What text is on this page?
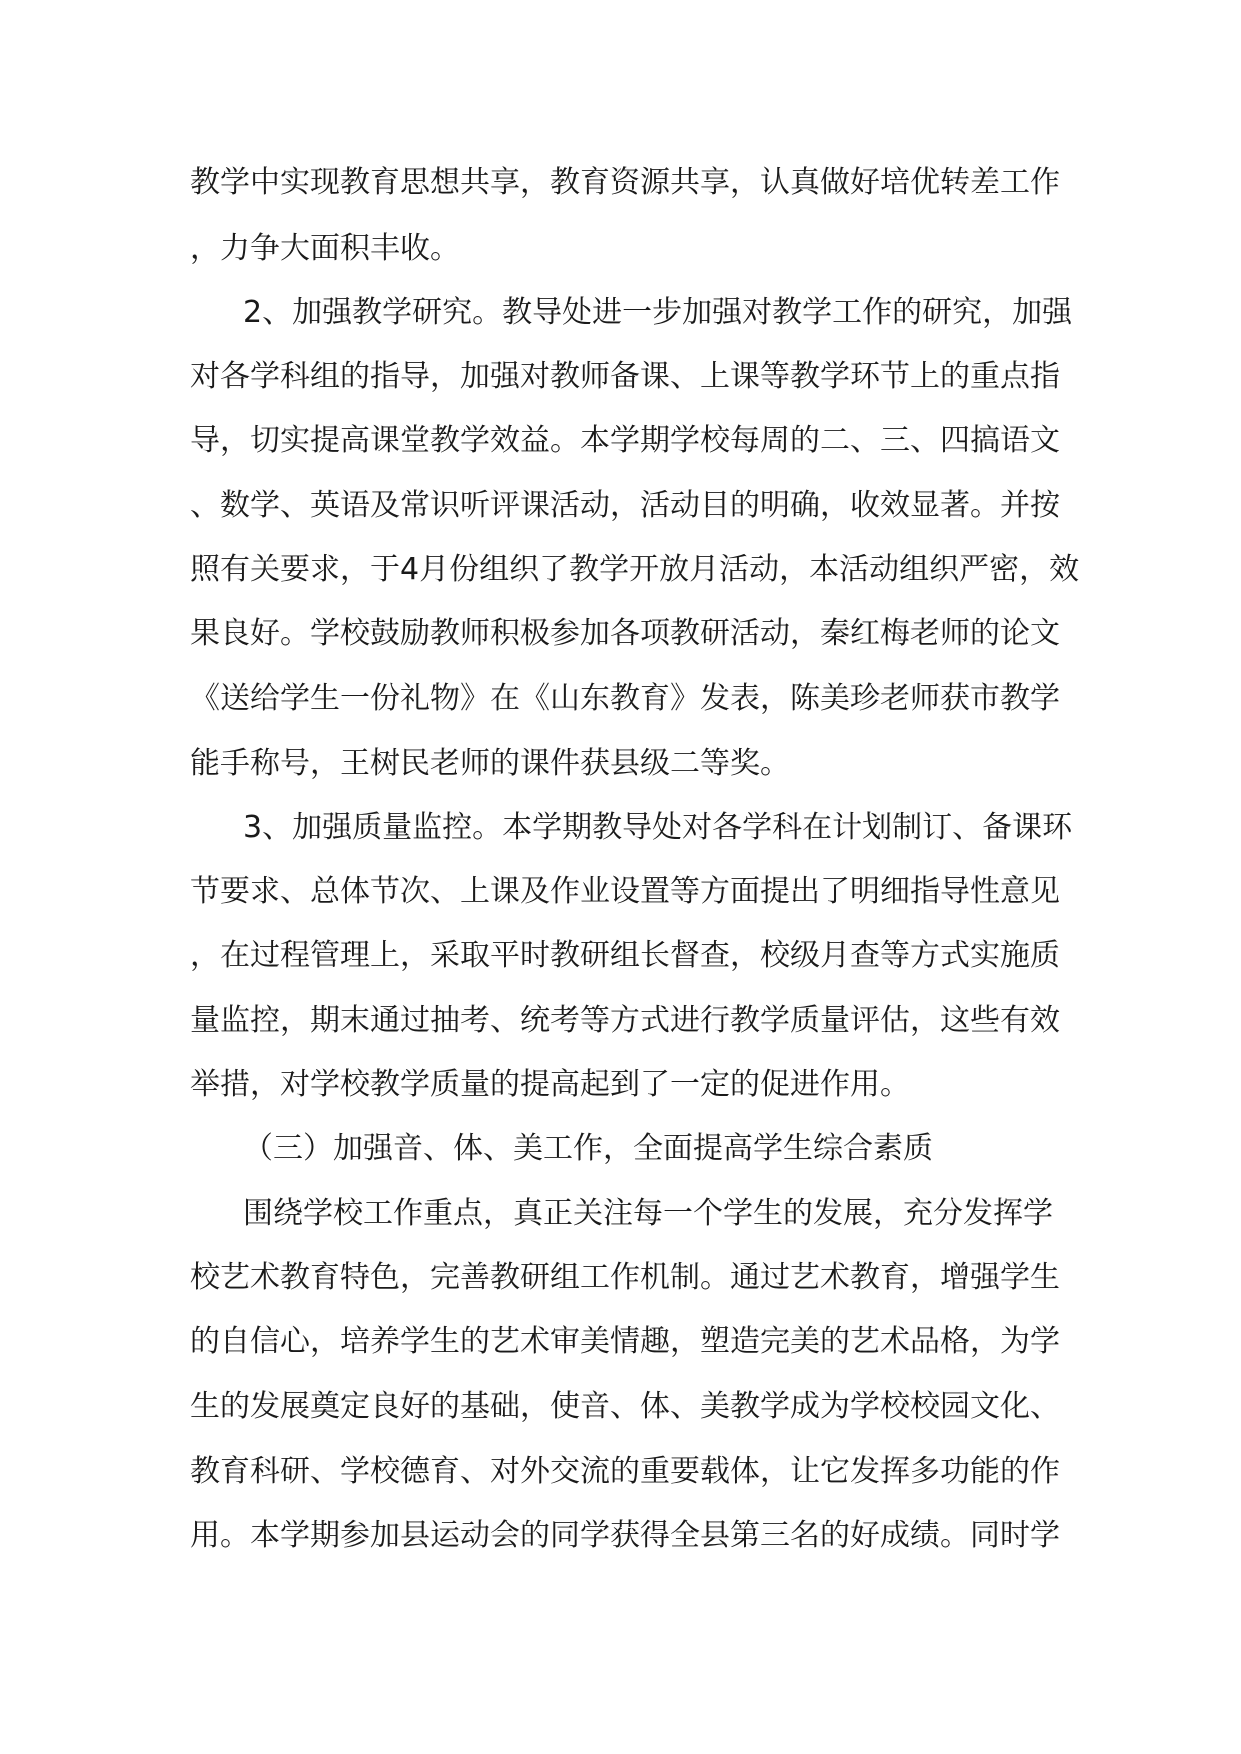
教学中实现教育思想共享，教育资源共享，认真做好培优转差工作

，力争大面积丰收。

2、加强教学研究。教导处进一步加强对教学工作的研究，加强

对各学科组的指导，加强对教师备课、上课等教学环节上的重点指

导，切实提高课堂教学效益。本学期学校每周的二、三、四搞语文

、数学、英语及常识听评课活动，活动目的明确，收效显著。并按

照有关要求，于4月份组织了教学开放月活动，本活动组织严密，效

果良好。学校鼓励教师积极参加各项教研活动，秦红梅老师的论文

《送给学生一份礼物》在《山东教育》发表，陈美珍老师获市教学

能手称号，王树民老师的课件获县级二等奖。

3、加强质量监控。本学期教导处对各学科在计划制订、备课环

节要求、总体节次、上课及作业设置等方面提出了明细指导性意见

，在过程管理上，采取平时教研组长督查，校级月查等方式实施质

量监控，期末通过抽考、统考等方式进行教学质量评估，这些有效

举措，对学校教学质量的提高起到了一定的促进作用。

（三）加强音、体、美工作，全面提高学生综合素质

围绕学校工作重点，真正关注每一个学生的发展，充分发挥学

校艺术教育特色，完善教研组工作机制。通过艺术教育，增强学生

的自信心，培养学生的艺术审美情趣，塑造完美的艺术品格，为学

生的发展奠定良好的基础，使音、体、美教学成为学校校园文化、

教育科研、学校德育、对外交流的重要载体，让它发挥多功能的作

用。本学期参加县运动会的同学获得全县第三名的好成绩。同时学
